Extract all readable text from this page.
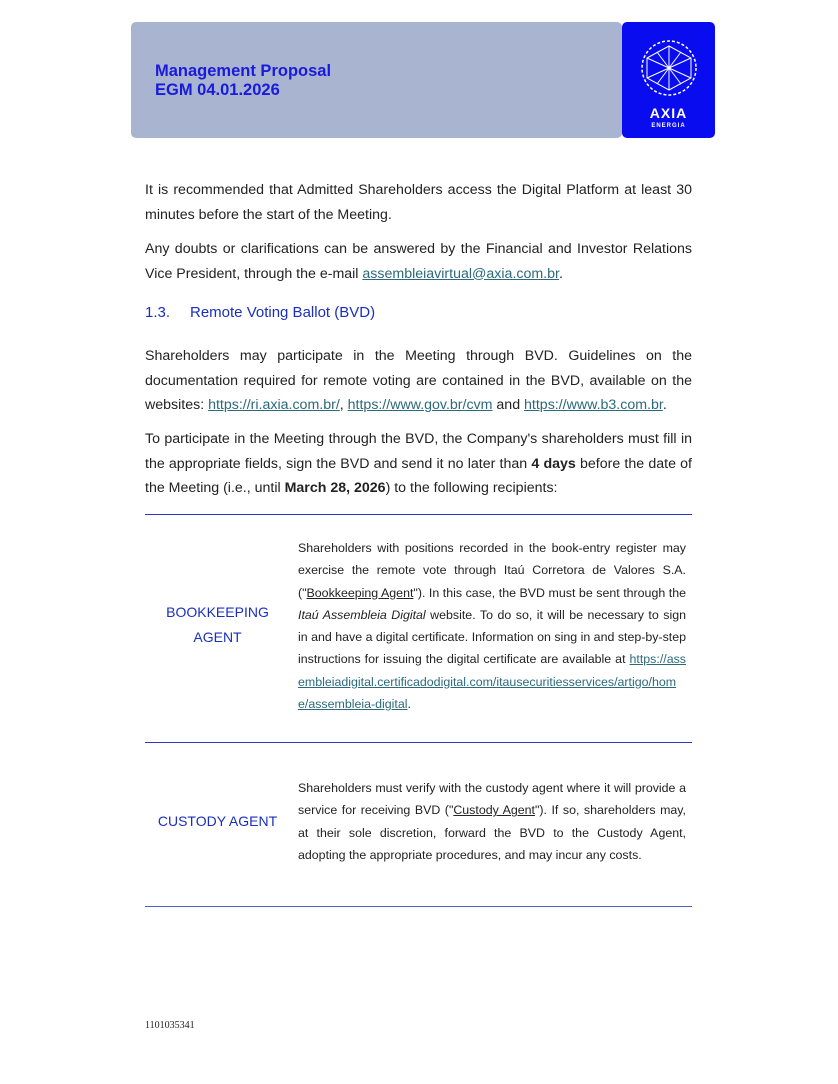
Management Proposal
EGM 04.01.2026
AXIA
ENERGIA
It is recommended that Admitted Shareholders access the Digital Platform at least 30 minutes before the start of the Meeting.
Any doubts or clarifications can be answered by the Financial and Investor Relations Vice President, through the e-mail assembleiavirtual@axia.com.br.
1.3. Remote Voting Ballot (BVD)
Shareholders may participate in the Meeting through BVD. Guidelines on the documentation required for remote voting are contained in the BVD, available on the websites: https://ri.axia.com.br/, https://www.gov.br/cvm and https://www.b3.com.br.
To participate in the Meeting through the BVD, the Company's shareholders must fill in the appropriate fields, sign the BVD and send it no later than 4 days before the date of the Meeting (i.e., until March 28, 2026) to the following recipients:
BOOKKEEPING AGENT
Shareholders with positions recorded in the book-entry register may exercise the remote vote through Itaú Corretora de Valores S.A. ("Bookkeeping Agent"). In this case, the BVD must be sent through the Itaú Assembleia Digital website. To do so, it will be necessary to sign in and have a digital certificate. Information on sing in and step-by-step instructions for issuing the digital certificate are available at https://assembleiadigital.certificadodigital.com/itausecuritiesservices/artigo/home/assembleia-digital.
CUSTODY AGENT
Shareholders must verify with the custody agent where it will provide a service for receiving BVD ("Custody Agent"). If so, shareholders may, at their sole discretion, forward the BVD to the Custody Agent, adopting the appropriate procedures, and may incur any costs.
1101035341
